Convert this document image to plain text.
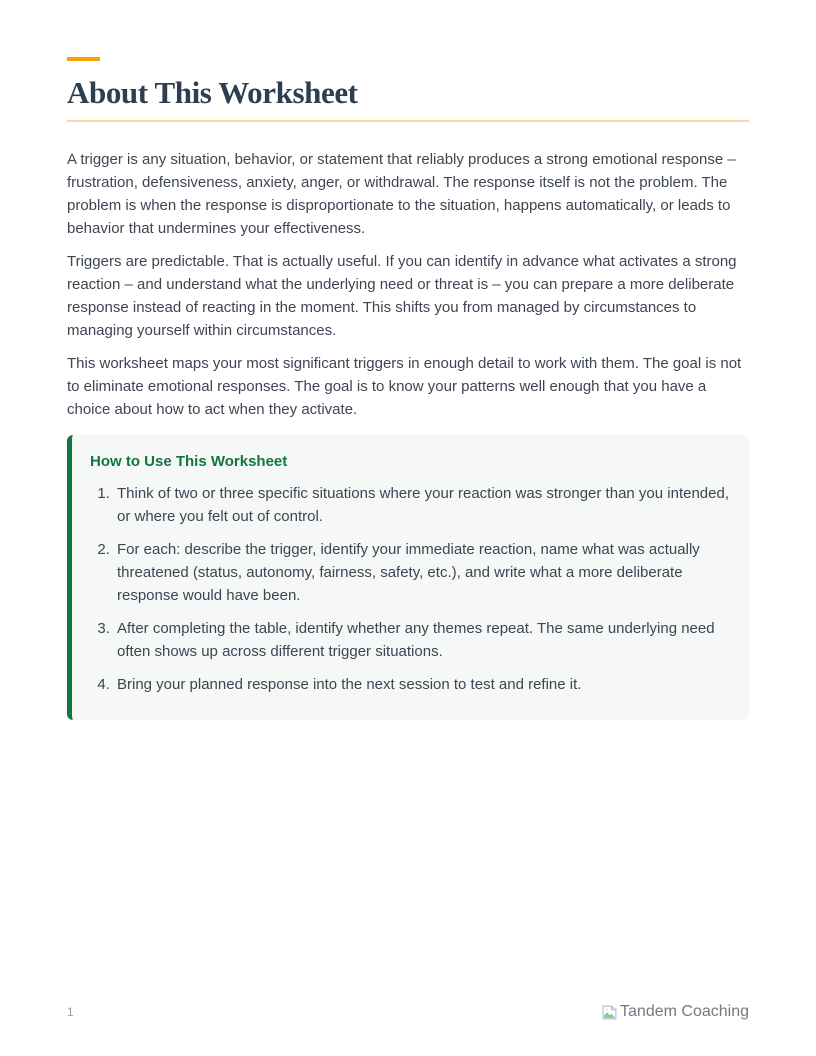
About This Worksheet

A trigger is any situation, behavior, or statement that reliably produces a strong emotional response – frustration, defensiveness, anxiety, anger, or withdrawal. The response itself is not the problem. The problem is when the response is disproportionate to the situation, happens automatically, or leads to behavior that undermines your effectiveness.

Triggers are predictable. That is actually useful. If you can identify in advance what activates a strong reaction – and understand what the underlying need or threat is – you can prepare a more deliberate response instead of reacting in the moment. This shifts you from managed by circumstances to managing yourself within circumstances.

This worksheet maps your most significant triggers in enough detail to work with them. The goal is not to eliminate emotional responses. The goal is to know your patterns well enough that you have a choice about how to act when they activate.

How to Use This Worksheet
1. Think of two or three specific situations where your reaction was stronger than you intended, or where you felt out of control.
2. For each: describe the trigger, identify your immediate reaction, name what was actually threatened (status, autonomy, fairness, safety, etc.), and write what a more deliberate response would have been.
3. After completing the table, identify whether any themes repeat. The same underlying need often shows up across different trigger situations.
4. Bring your planned response into the next session to test and refine it.
1	Tandem Coaching
